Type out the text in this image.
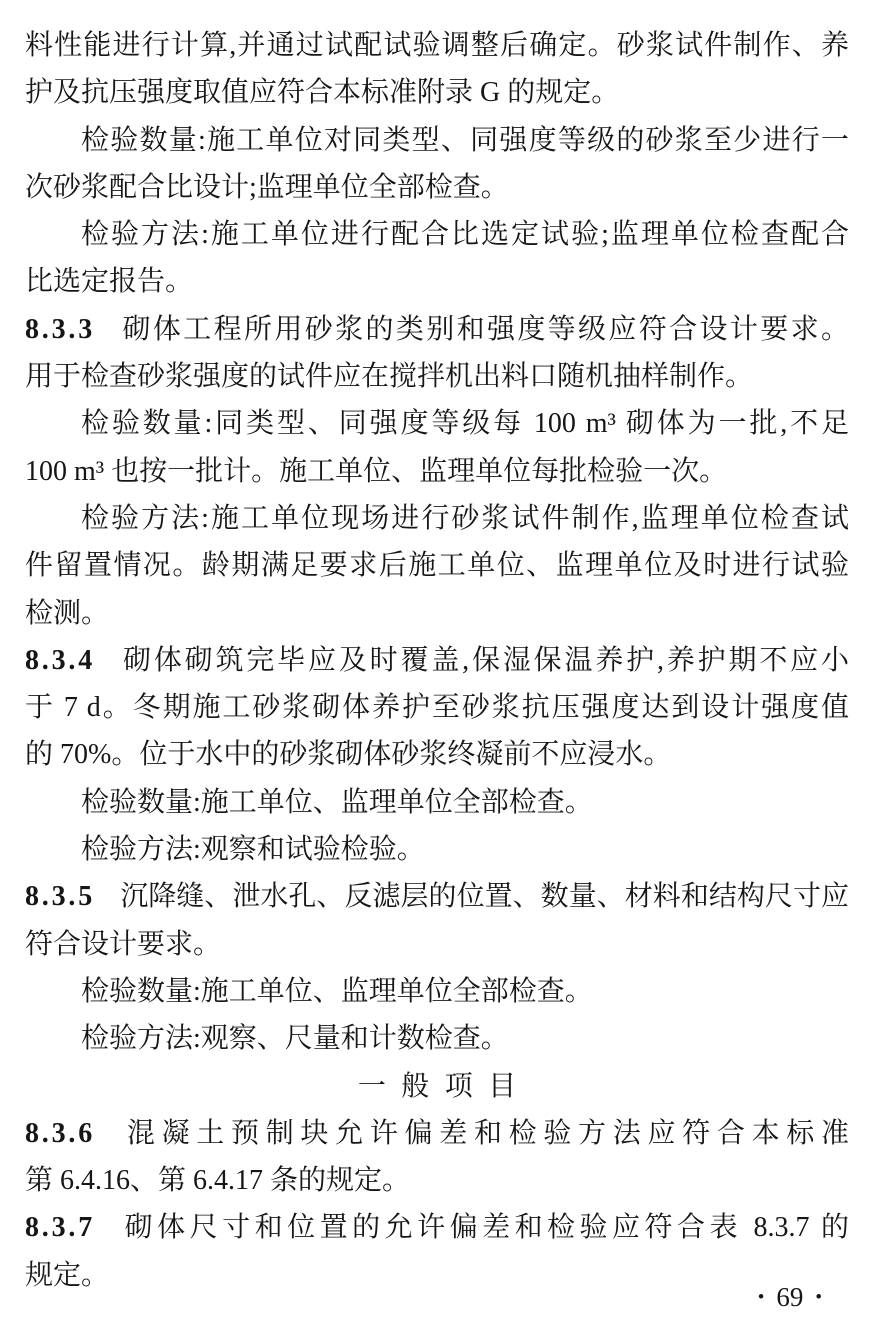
料性能进行计算,并通过试配试验调整后确定。砂浆试件制作、养
护及抗压强度取值应符合本标准附录 G 的规定。
检验数量:施工单位对同类型、同强度等级的砂浆至少进行一
次砂浆配合比设计;监理单位全部检查。
检验方法:施工单位进行配合比选定试验;监理单位检查配合
比选定报告。
8.3.3 砌体工程所用砂浆的类别和强度等级应符合设计要求。
用于检查砂浆强度的试件应在搅拌机出料口随机抽样制作。
检验数量:同类型、同强度等级每 100 m³ 砌体为一批,不足
100 m³ 也按一批计。施工单位、监理单位每批检验一次。
检验方法:施工单位现场进行砂浆试件制作,监理单位检查试
件留置情况。龄期满足要求后施工单位、监理单位及时进行试验
检测。
8.3.4 砌体砌筑完毕应及时覆盖,保湿保温养护,养护期不应小
于 7 d。冬期施工砂浆砌体养护至砂浆抗压强度达到设计强度值
的 70%。位于水中的砂浆砌体砂浆终凝前不应浸水。
检验数量:施工单位、监理单位全部检查。
检验方法:观察和试验检验。
8.3.5 沉降缝、泄水孔、反滤层的位置、数量、材料和结构尺寸应
符合设计要求。
检验数量:施工单位、监理单位全部检查。
检验方法:观察、尺量和计数检查。
一般项目
8.3.6 混凝土预制块允许偏差和检验方法应符合本标准
第 6.4.16、第 6.4.17 条的规定。
8.3.7 砌体尺寸和位置的允许偏差和检验应符合表 8.3.7 的
规定。
• 69 •
